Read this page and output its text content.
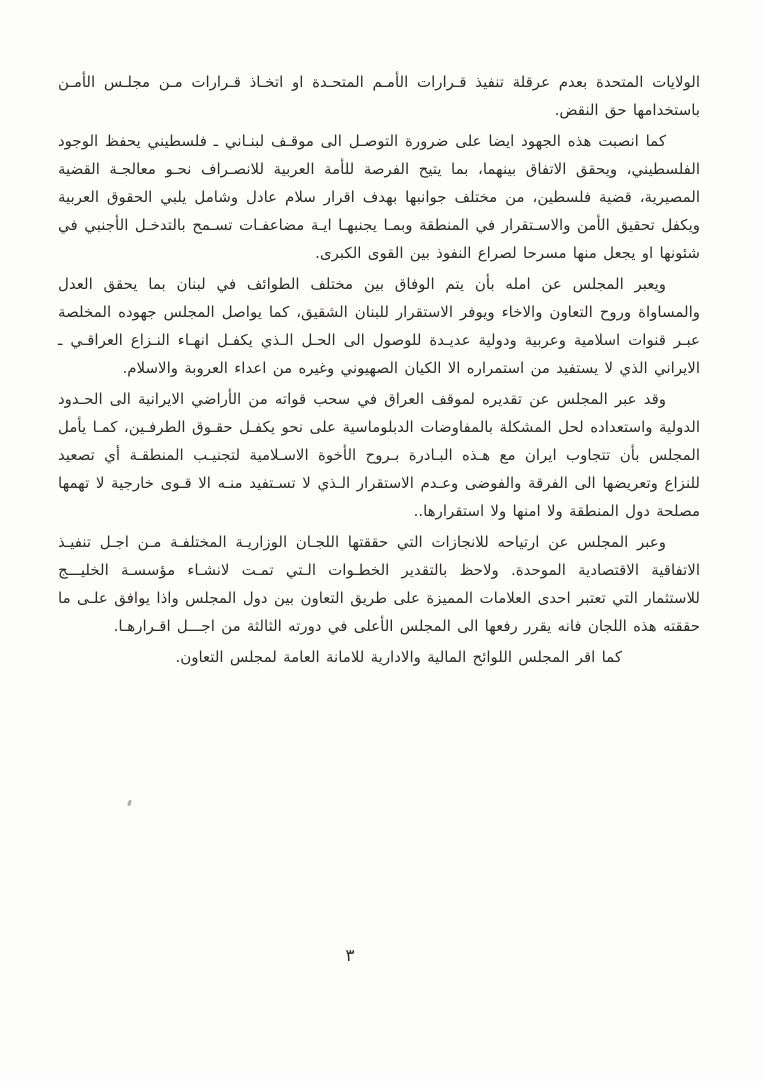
الولايات المتحدة بعدم عرقلة تنفيذ قـرارات الأمـم المتحـدة او اتخـاذ قـرارات مـن مجلـس الأمـن باستخدامها حق النقض.

كما انصبت هذه الجهود ايضا على ضرورة التوصـل الى موقـف لبنـاني ـ فلسطيني يحفظ الوجود الفلسطيني، ويحقق الاتفاق بينهما، بما يتيح الفرصة للأمة العربية للانصـراف نحـو معالجـة القضية المصيرية، قضية فلسطين، من مختلف جوانبها بهدف اقرار سلام عادل وشامل يلبي الحقوق العربية ويكفل تحقيق الأمن والاسـتقرار في المنطقة وبمـا يجنبهـا ايـة مضاعفـات تسـمح بالتدخـل الأجنبي في شئونها او يجعل منها مسرحا لصراع النفوذ بين القوى الكبرى.

ويعبر المجلس عن امله بأن يتم الوفاق بين مختلف الطوائف في لبنان بما يحقق العدل والمساواة وروح التعاون والاخاء ويوفر الاستقرار للبنان الشقيق، كما يواصل المجلس جهوده المخلصة عبـر قنوات اسلامية وعربية ودولية عديـدة للوصول الى الحـل الـذي يكفـل انهـاء النـزاع العراقـي ـ الايراني الذي لا يستفيد من استمراره الا الكيان الصهيوني وغيره من اعداء العروبة والاسلام.

وقد عبر المجلس عن تقديره لموقف العراق في سحب قواته من الأراضي الايرانية الى الحـدود الدولية واستعداده لحل المشكلة بالمفاوضات الدبلوماسية على نحو يكفـل حقـوق الطرفـين، كمـا يأمل المجلس بأن تتجاوب ايران مع هـذه البـادرة بـروح الأخوة الاسـلامية لتجنيـب المنطقـة أي تصعيد للنزاع وتعريضها الى الفرقة والفوضى وعـدم الاستقرار الـذي لا تسـتفيد منـه الا قـوى خارجية لا تهمها مصلحة دول المنطقة ولا امنها ولا استقرارها..

وعبر المجلس عن ارتياحه للانجازات التي حققتها اللجـان الوزاريـة المختلفـة مـن اجـل تنفيـذ الاتفاقية الاقتصادية الموحدة. ولاحظ بالتقدير الخطـوات الـتي تمـت لانشـاء مؤسسـة الخليـــج للاستثمار التي تعتبر احدى العلامات المميزة على طريق التعاون بين دول المجلس واذا يوافق علـى ما حققته هذه اللجان فانه يقرر رفعها الى المجلس الأعلى في دورته الثالثة من اجـــل اقـرارهـا.

كما اقر المجلس اللوائح المالية والادارية للامانة العامة لمجلس التعاون.

٣
